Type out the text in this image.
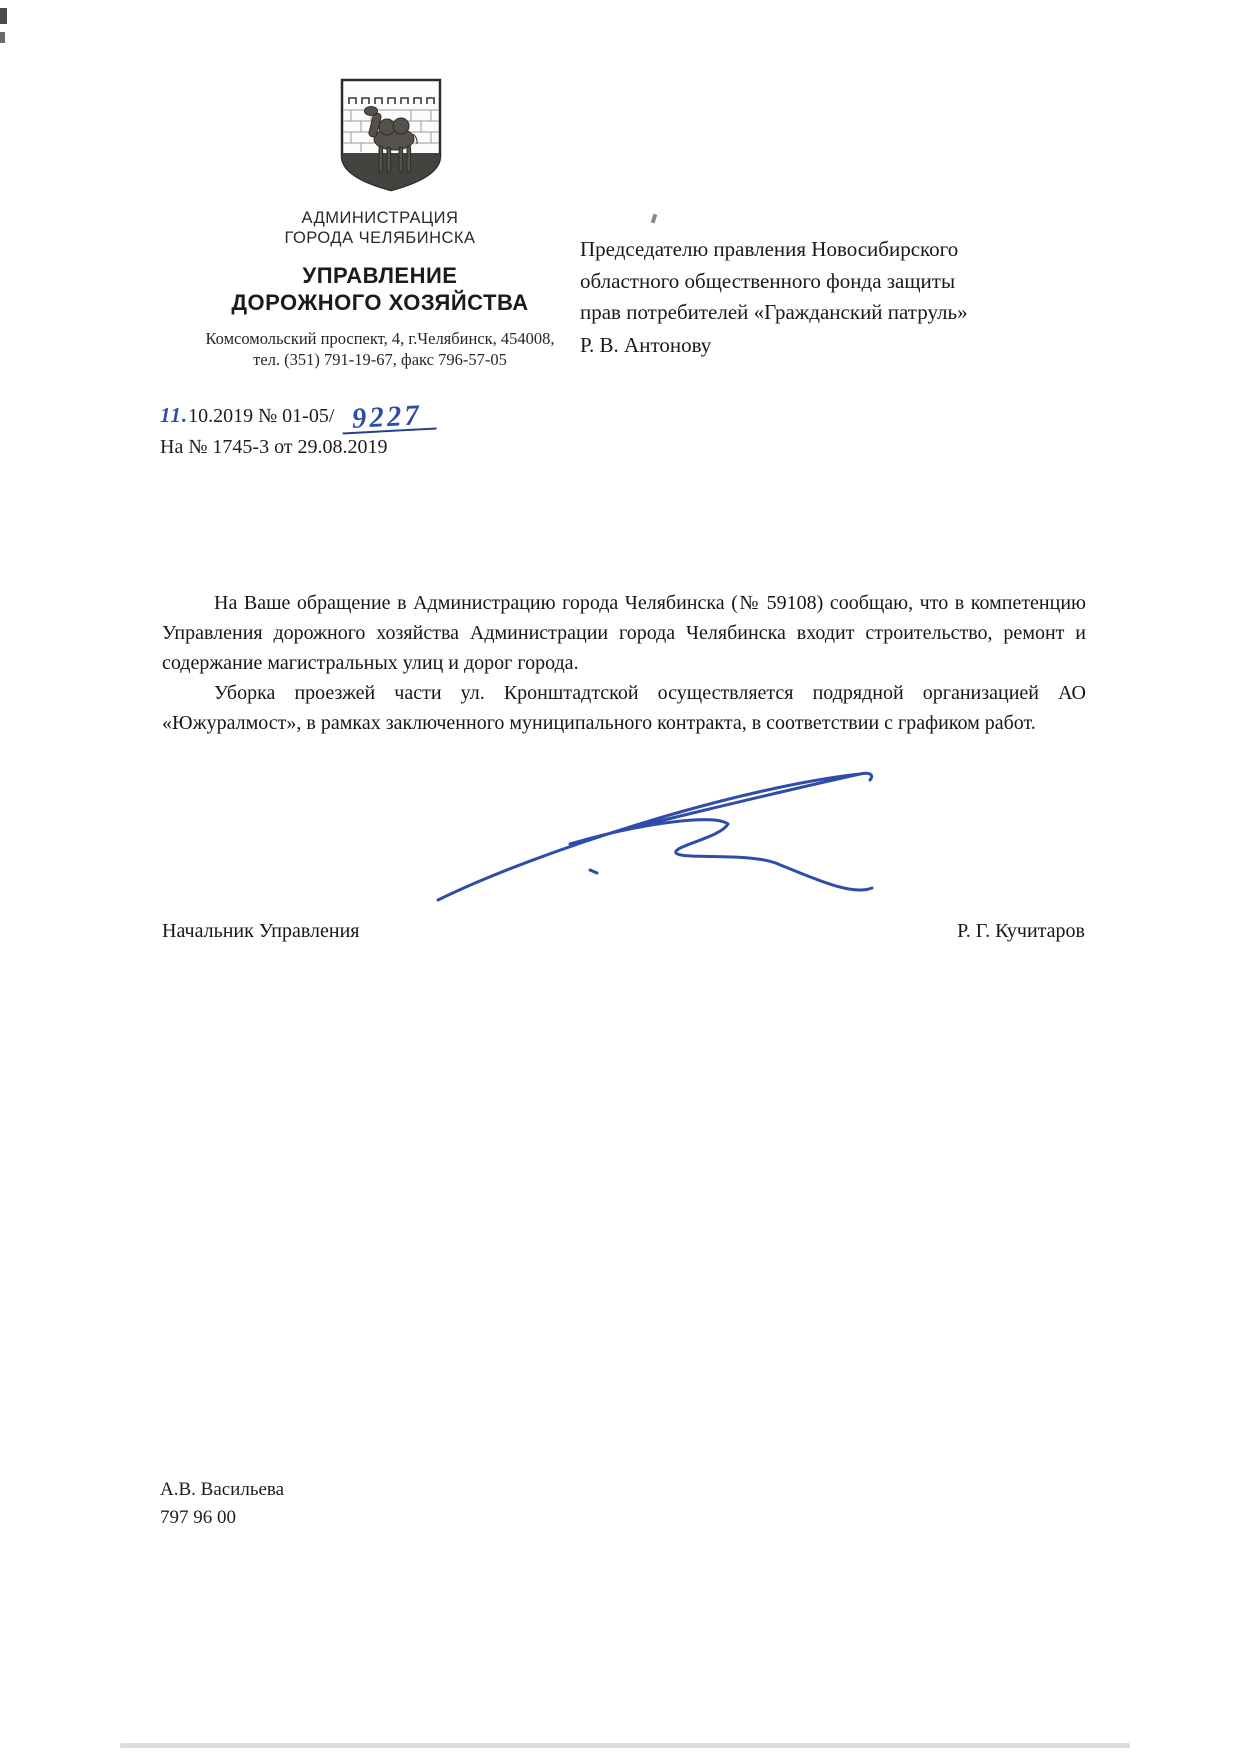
АДМИНИСТРАЦИЯ
ГОРОДА ЧЕЛЯБИНСКА
УПРАВЛЕНИЕ
ДОРОЖНОГО ХОЗЯЙСТВА
Комсомольский проспект, 4, г.Челябинск, 454008,
тел. (351) 791-19-67, факс 796-57-05
11.10.2019 № 01-05/ 9227
На № 1745-3 от 29.08.2019
Председателю правления Новосибирского
областного общественного фонда защиты
прав потребителей «Гражданский патруль»
Р. В. Антонову

На Ваше обращение в Администрацию города Челябинска (№ 59108) сообщаю, что в компетенцию Управления дорожного хозяйства Администрации города Челябинска входит строительство, ремонт и содержание магистральных улиц и дорог города.

Уборка проезжей части ул. Кронштадтской осуществляется подрядной организацией АО «Южуралмост», в рамках заключенного муниципального контракта, в соответствии с графиком работ.

Начальник Управления	Р. Г. Кучитаров
А.В. Васильева
797 96 00
